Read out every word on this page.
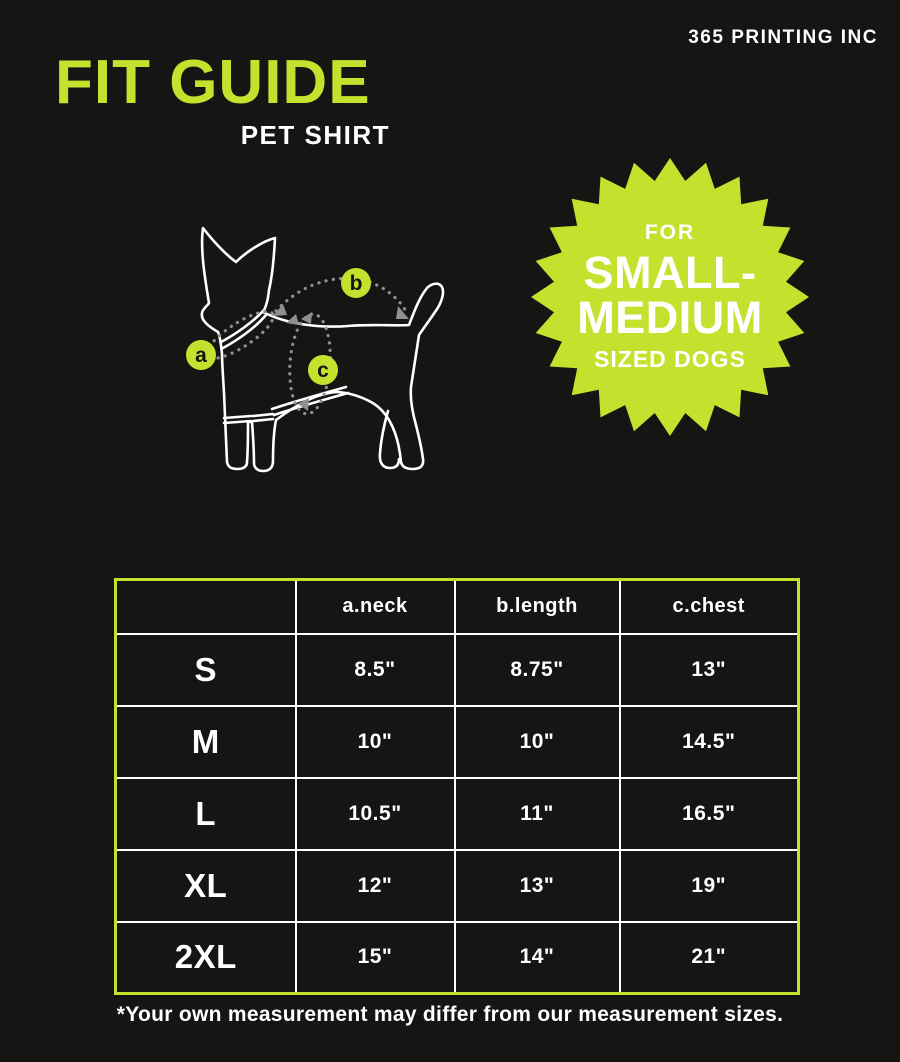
365 PRINTING INC
FIT GUIDE
PET SHIRT
a
b
c
FOR
SMALL-
MEDIUM
SIZED DOGS
	a.neck	b.length	c.chest
S	8.5"	8.75"	13"
M	10"	10"	14.5"
L	10.5"	11"	16.5"
XL	12"	13"	19"
2XL	15"	14"	21"
*Your own measurement may differ from our measurement sizes.
